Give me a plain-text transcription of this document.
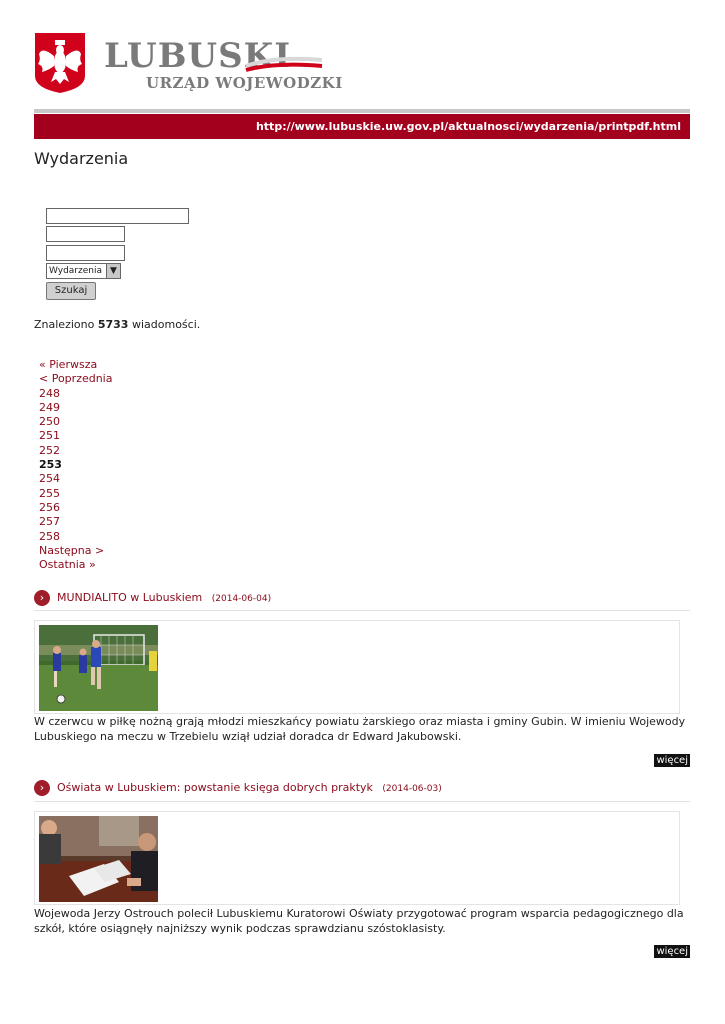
LUBUSKI
URZĄD WOJEWODZKI
http://www.lubuskie.uw.gov.pl/aktualnosci/wydarzenia/printpdf.html
Wydarzenia
Wydarzenia ▼
Szukaj
Znaleziono 5733 wiadomości.
« Pierwsza
< Poprzednia
248
249
250
251
252
253
254
255
256
257
258
Następna >
Ostatnia »
›	MUNDIALITO w Lubuskiem (2014-06-04)
W czerwcu w piłkę nożną grają młodzi mieszkańcy powiatu żarskiego oraz miasta i gminy Gubin. W imieniu Wojewody Lubuskiego na meczu w Trzebielu wziął udział doradca dr Edward Jakubowski.
więcej
›	Oświata w Lubuskiem: powstanie księga dobrych praktyk (2014-06-03)
Wojewoda Jerzy Ostrouch polecił Lubuskiemu Kuratorowi Oświaty przygotować program wsparcia pedagogicznego dla szkół, które osiągnęły najniższy wynik podczas sprawdzianu szóstoklasisty.
więcej
